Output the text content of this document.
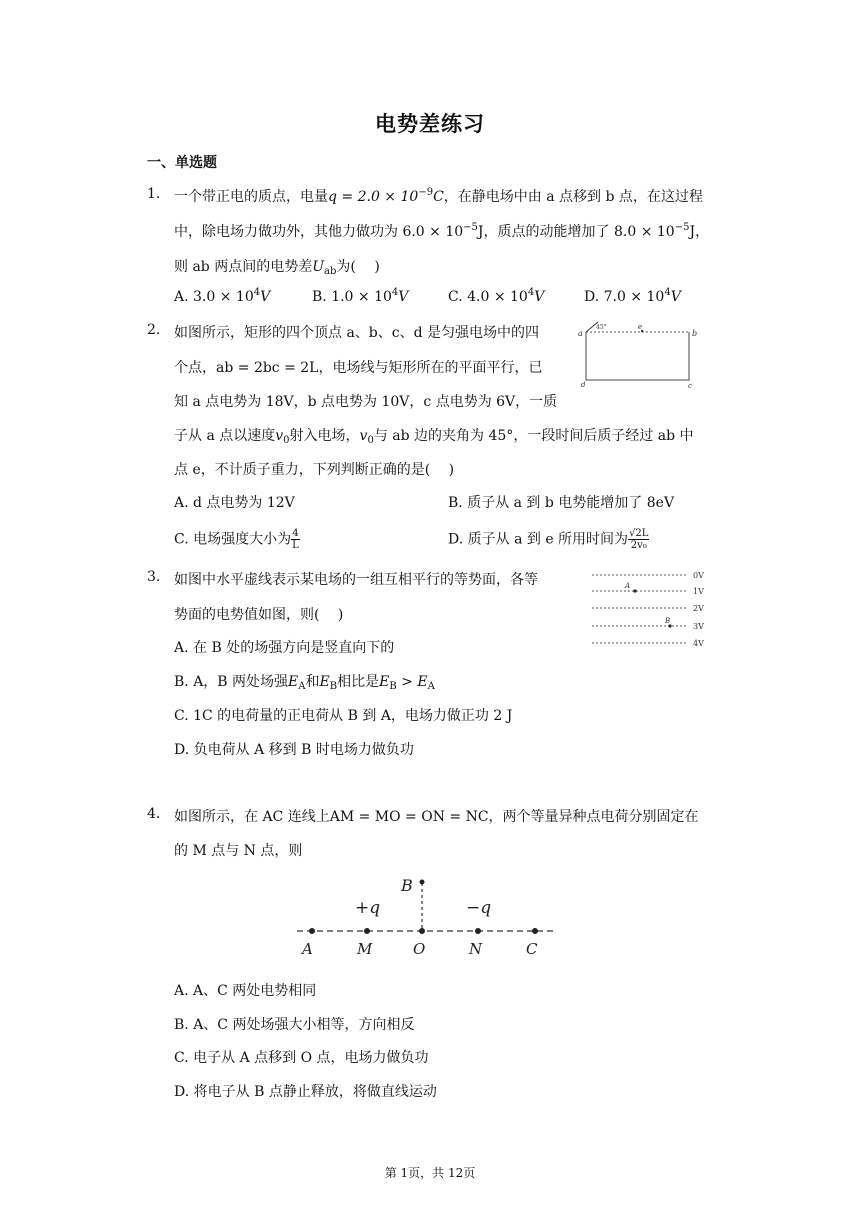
电势差练习
一、单选题
1. 一个带正电的质点，电量$q = 2.0 \times 10^{-9}C$，在静电场中由 a 点移到 b 点，在这过程
中，除电场力做功外，其他力做功为 $6.0 \times 10^{-5}J$，质点的动能增加了 $8.0 \times 10^{-5}J$，
则 ab 两点间的电势差$U_{ab}$为(　 )
A. $3.0 \times 10^4V$	B. $1.0 \times 10^4V$	C. $4.0 \times 10^4V$	D. $7.0 \times 10^4V$
2. 如图所示，矩形的四个顶点 a、b、c、d 是匀强电场中的四
个点，ab = 2bc = 2L，电场线与矩形所在的平面平行，已
知 a 点电势为 18V，b 点电势为 10V，c 点电势为 6V，一质
子从 a 点以速度$v_0$射入电场，$v_0$与 ab 边的夹角为 45°，一段时间后质子经过 ab 中
点 e，不计质子重力，下列判断正确的是(　 )
A. d 点电势为 12V	B. 质子从 a 到 b 电势能增加了 8eV
C. 电场强度大小为 $\frac{4}{L}$	D. 质子从 a 到 e 所用时间为 $\frac{√2L}{\text{2v₀}}$
a	b
c
d
e
45°
3. 如图中水平虚线表示某电场的一组互相平行的等势面，各等
势面的电势值如图，则(　 )
A. 在 B 处的场强方向是竖直向下的
B. A，B 两处场强$E_A$和$E_B$相比是$E_B > E_A$
C. 1C 的电荷量的正电荷从 B 到 A，电场力做正功 2 J
D. 负电荷从 A 移到 B 时电场力做负功
0V
1V
2V
3V
4V
A
B
4. 如图所示，在 AC 连线上AM = MO = ON = NC，两个等量异种点电荷分别固定在
的 M 点与 N 点，则
B
+q	−q
A	M	O	N	C
A. A、C 两处电势相同
B. A、C 两处场强大小相等，方向相反
C. 电子从 A 点移到 O 点，电场力做负功
D. 将电子从 B 点静止释放，将做直线运动
第 1页，共 12页
